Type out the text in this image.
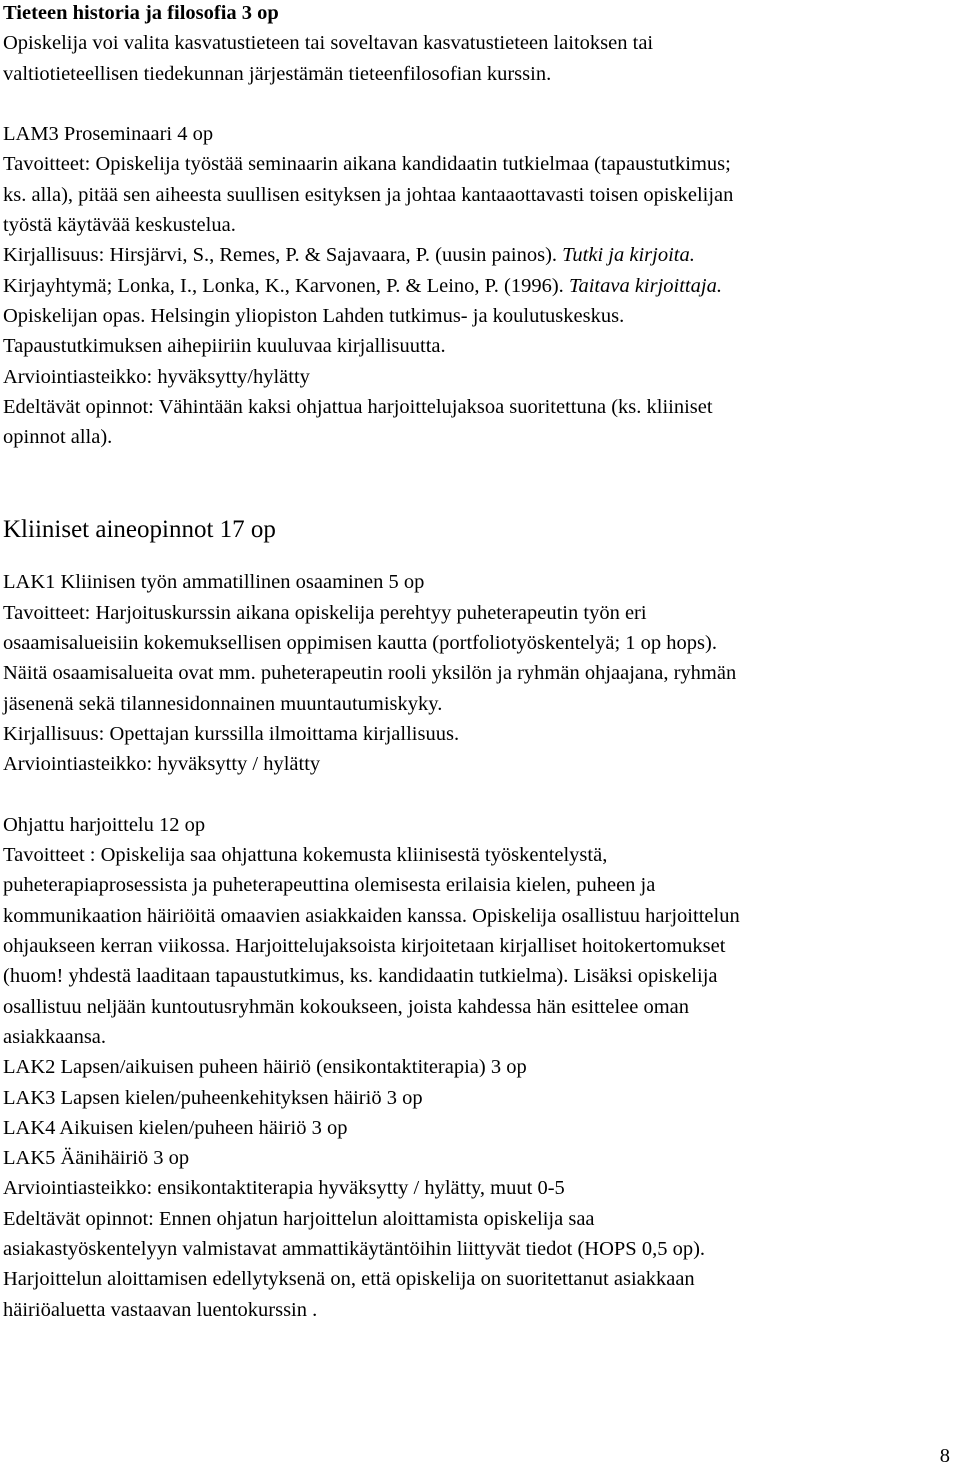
Tieteen historia ja filosofia 3 op
Opiskelija voi valita kasvatustieteen tai soveltavan kasvatustieteen laitoksen tai
valtiotieteellisen tiedekunnan järjestämän tieteenfilosofian kurssin.
LAM3 Proseminaari 4 op
Tavoitteet: Opiskelija työstää seminaarin aikana kandidaatin tutkielmaa (tapaustutkimus;
ks. alla), pitää sen aiheesta suullisen esityksen ja johtaa kantaaottavasti toisen opiskelijan
työstä käytävää keskustelua.
Kirjallisuus: Hirsjärvi, S., Remes, P. & Sajavaara, P. (uusin painos). Tutki ja kirjoita.
Kirjayhtymä; Lonka, I., Lonka, K., Karvonen, P. & Leino, P. (1996). Taitava kirjoittaja.
Opiskelijan opas. Helsingin yliopiston Lahden tutkimus- ja koulutuskeskus.
Tapaustutkimuksen aihepiiriin kuuluvaa kirjallisuutta.
Arviointiasteikko: hyväksytty/hylätty
Edeltävät opinnot: Vähintään kaksi ohjattua harjoittelujaksoa suoritettuna (ks. kliiniset
opinnot alla).
Kliiniset aineopinnot 17 op
LAK1 Kliinisen työn ammatillinen osaaminen 5 op
Tavoitteet: Harjoituskurssin aikana opiskelija perehtyy puheterapeutin työn eri
osaamisalueisiin kokemuksellisen oppimisen kautta (portfoliotyöskentelyä; 1 op hops).
Näitä osaamisalueita ovat mm. puheterapeutin rooli yksilön ja ryhmän ohjaajana, ryhmän
jäsenenä sekä tilannesidonnainen muuntautumiskyky.
Kirjallisuus: Opettajan kurssilla ilmoittama kirjallisuus.
Arviointiasteikko: hyväksytty / hylätty
Ohjattu harjoittelu 12 op
Tavoitteet : Opiskelija saa ohjattuna kokemusta kliinisestä työskentelystä,
puheterapiaprosessista ja puheterapeuttina olemisesta erilaisia kielen, puheen ja
kommunikaation häiriöitä omaavien asiakkaiden kanssa. Opiskelija osallistuu harjoittelun
ohjaukseen kerran viikossa. Harjoittelujaksoista kirjoitetaan kirjalliset hoitokertomukset
(huom! yhdestä laaditaan tapaustutkimus, ks. kandidaatin tutkielma). Lisäksi opiskelija
osallistuu neljään kuntoutusryhmän kokoukseen, joista kahdessa hän esittelee oman
asiakkaansa.
LAK2 Lapsen/aikuisen puheen häiriö (ensikontaktiterapia) 3 op
LAK3 Lapsen kielen/puheenkehityksen häiriö 3 op
LAK4 Aikuisen kielen/puheen häiriö 3 op
LAK5 Äänihäiriö 3 op
Arviointiasteikko: ensikontaktiterapia hyväksytty / hylätty, muut 0-5
Edeltävät opinnot: Ennen ohjatun harjoittelun aloittamista opiskelija saa
asiakastyöskentelyyn valmistavat ammattikäytäntöihin liittyvät tiedot (HOPS 0,5 op).
Harjoittelun aloittamisen edellytyksenä on, että opiskelija on suoritettanut asiakkaan
häiriöaluetta vastaavan luentokurssin .
8
